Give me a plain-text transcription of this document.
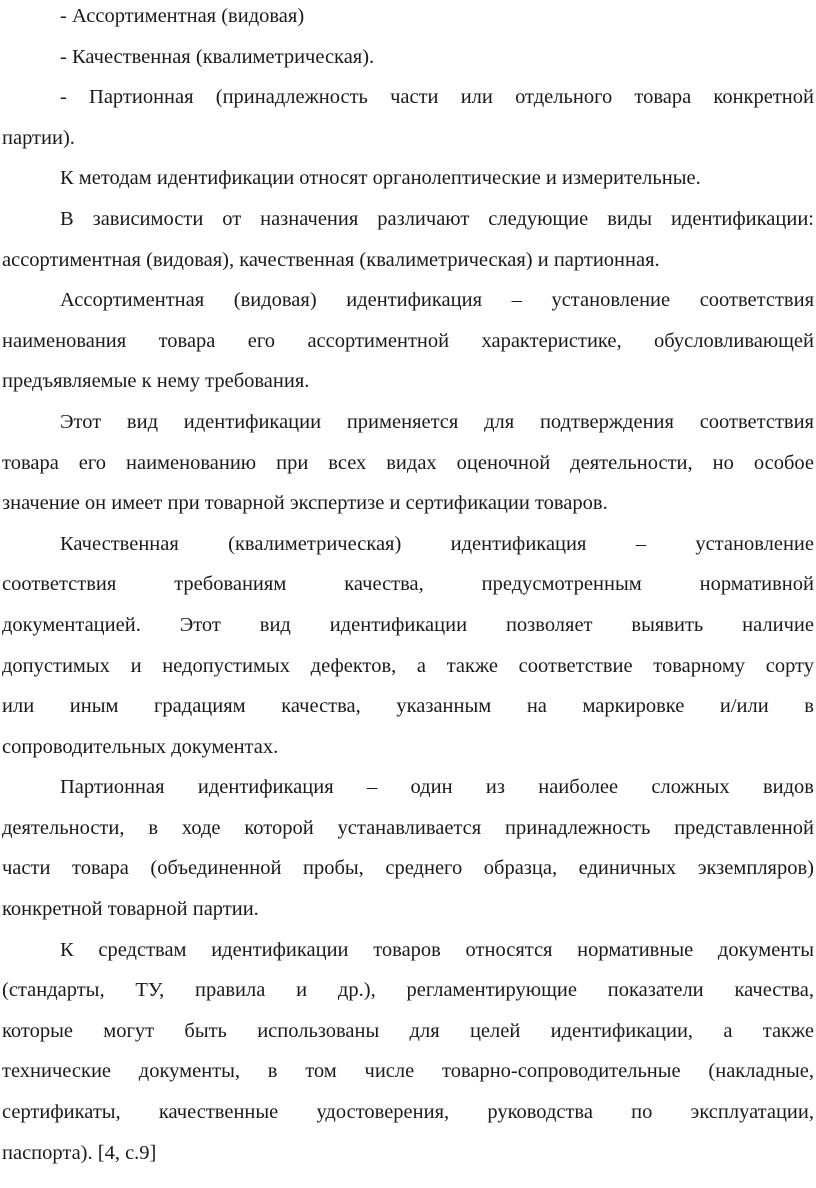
- Ассортиментная (видовая)
- Качественная (квалиметрическая).
- Партионная (принадлежность части или отдельного товара конкретной
партии).
К методам идентификации относят органолептические и измерительные.
В зависимости от назначения различают следующие виды идентификации:
ассортиментная (видовая), качественная (квалиметрическая) и партионная.
Ассортиментная (видовая) идентификация – установление соответствия
наименования товара его ассортиментной характеристике, обусловливающей
предъявляемые к нему требования.
Этот вид идентификации применяется для подтверждения соответствия
товара его наименованию при всех видах оценочной деятельности, но особое
значение он имеет при товарной экспертизе и сертификации товаров.
Качественная (квалиметрическая) идентификация – установление
соответствия требованиям качества, предусмотренным нормативной
документацией. Этот вид идентификации позволяет выявить наличие
допустимых и недопустимых дефектов, а также соответствие товарному сорту
или иным градациям качества, указанным на маркировке и/или в
сопроводительных документах.
Партионная идентификация – один из наиболее сложных видов
деятельности, в ходе которой устанавливается принадлежность представленной
части товара (объединенной пробы, среднего образца, единичных экземпляров)
конкретной товарной партии.
К средствам идентификации товаров относятся нормативные документы
(стандарты, ТУ, правила и др.), регламентирующие показатели качества,
которые могут быть использованы для целей идентификации, а также
технические документы, в том числе товарно-сопроводительные (накладные,
сертификаты, качественные удостоверения, руководства по эксплуатации,
паспорта). [4, с.9]
